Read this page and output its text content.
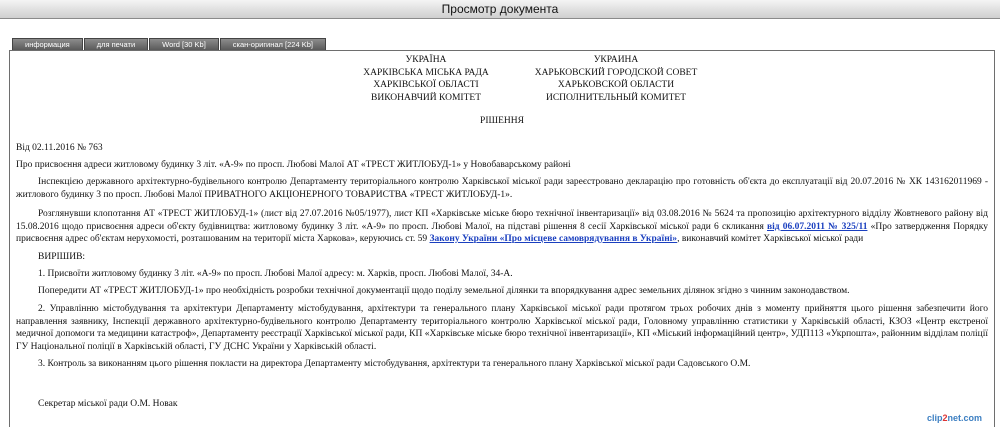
Просмотр документа
информация	для печати	Word [30 Kb]	скан-оригинал [224 Kb]
УКРАЇНА
ХАРКІВСЬКА МІСЬКА РАДА
ХАРКІВСЬКОЇ ОБЛАСТІ
ВИКОНАВЧИЙ КОМІТЕТ
УКРАИНА
ХАРЬКОВСКИЙ ГОРОДСКОЙ СОВЕТ
ХАРЬКОВСКОЙ ОБЛАСТИ
ИСПОЛНИТЕЛЬНЫЙ КОМИТЕТ
РІШЕННЯ
Від 02.11.2016 № 763
Про присвоєння адреси житловому будинку 3 літ. «А-9» по просп. Любові Малої АТ «ТРЕСТ ЖИТЛОБУД-1» у Новобаварському районі
Інспекцією державного архітектурно-будівельного контролю Департаменту територіального контролю Харківської міської ради зареєстровано декларацію про готовність об'єкта до експлуатації від 20.07.2016 № ХК 143162011969 - житлового будинку 3 по просп. Любові Малої ПРИВАТНОГО АКЦІОНЕРНОГО ТОВАРИСТВА «ТРЕСТ ЖИТЛОБУД-1».
Розглянувши клопотання АТ «ТРЕСТ ЖИТЛОБУД-1» (лист від 27.07.2016 №05/1977), лист КП «Харківське міське бюро технічної інвентаризації» від 03.08.2016 № 5624 та пропозицію архітектурного відділу Жовтневого району від 15.08.2016 щодо присвоєння адреси об'єкту будівництва: житловому будинку 3 літ. «А-9» по просп. Любові Малої, на підставі рішення 8 сесії Харківської міської ради 6 скликання від 06.07.2011 № 325/11 «Про затвердження Порядку присвоєння адрес об'єктам нерухомості, розташованим на території міста Харкова», керуючись ст. 59 Закону України «Про місцеве самоврядування в Україні», виконавчий комітет Харківської міської ради
ВИРІШИВ:
1. Присвоїти житловому будинку 3 літ. «А-9» по просп. Любові Малої адресу: м. Харків, просп. Любові Малої, 34-А.
Попередити АТ «ТРЕСТ ЖИТЛОБУД-1» про необхідність розробки технічної документації щодо поділу земельної ділянки та впорядкування адрес земельних ділянок згідно з чинним законодавством.
2. Управлінню містобудування та архітектури Департаменту містобудування, архітектури та генерального плану Харківської міської ради протягом трьох робочих днів з моменту прийняття цього рішення забезпечити його направлення заявнику, Інспекції державного архітектурно-будівельного контролю Департаменту територіального контролю Харківської міської ради, Головному управлінню статистики у Харківській області, КЗОЗ «Центр екстреної медичної допомоги та медицини катастроф», Департаменту реєстрації Харківської міської ради, КП «Харківське міське бюро технічної інвентаризації», КП «Міський інформаційний центр», УДП113 «Укрпошта», районним відділам поліції ГУ Національної поліції в Харківській області, ГУ ДСНС України у Харківській області.
3. Контроль за виконанням цього рішення покласти на директора Департаменту містобудування, архітектури та генерального плану Харківської міської ради Садовського О.М.
Секретар міської ради О.М. Новак
clip2net.com
